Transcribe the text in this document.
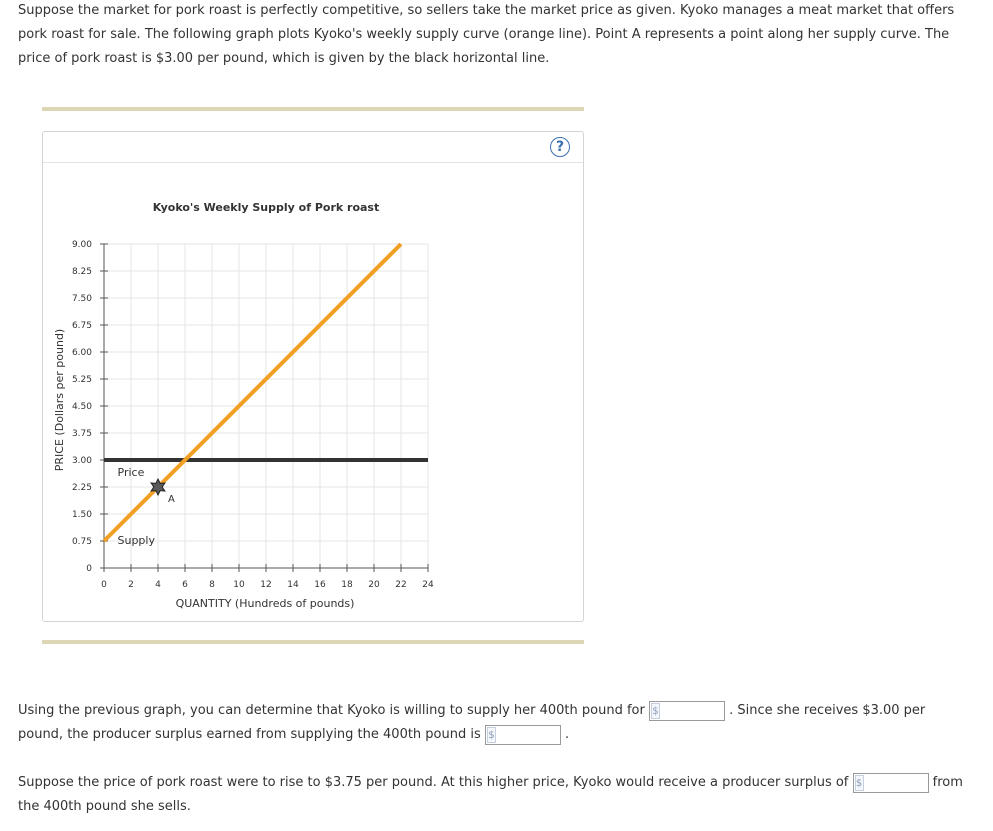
Suppose the market for pork roast is perfectly competitive, so sellers take the market price as given. Kyoko manages a meat market that offers pork roast for sale. The following graph plots Kyoko's weekly supply curve (orange line). Point A represents a point along her supply curve. The price of pork roast is $3.00 per pound, which is given by the black horizontal line.
?
0
0.75
1.50
2.25
3.00
3.75
4.50
5.25
6.00
6.75
7.50
8.25
9.00
0 2 4 6 8 10 12 14 16 18 20 22 24
Kyoko's Weekly Supply of Pork roast
QUANTITY (Hundreds of pounds)
PRICE (Dollars per pound)
A
Price
Supply
Using the previous graph, you can determine that Kyoko is willing to supply her 400th pound for $	. Since she receives $3.00 per pound, the producer surplus earned from supplying the 400th pound is $	.
Suppose the price of pork roast were to rise to $3.75 per pound. At this higher price, Kyoko would receive a producer surplus of $	from the 400th pound she sells.
